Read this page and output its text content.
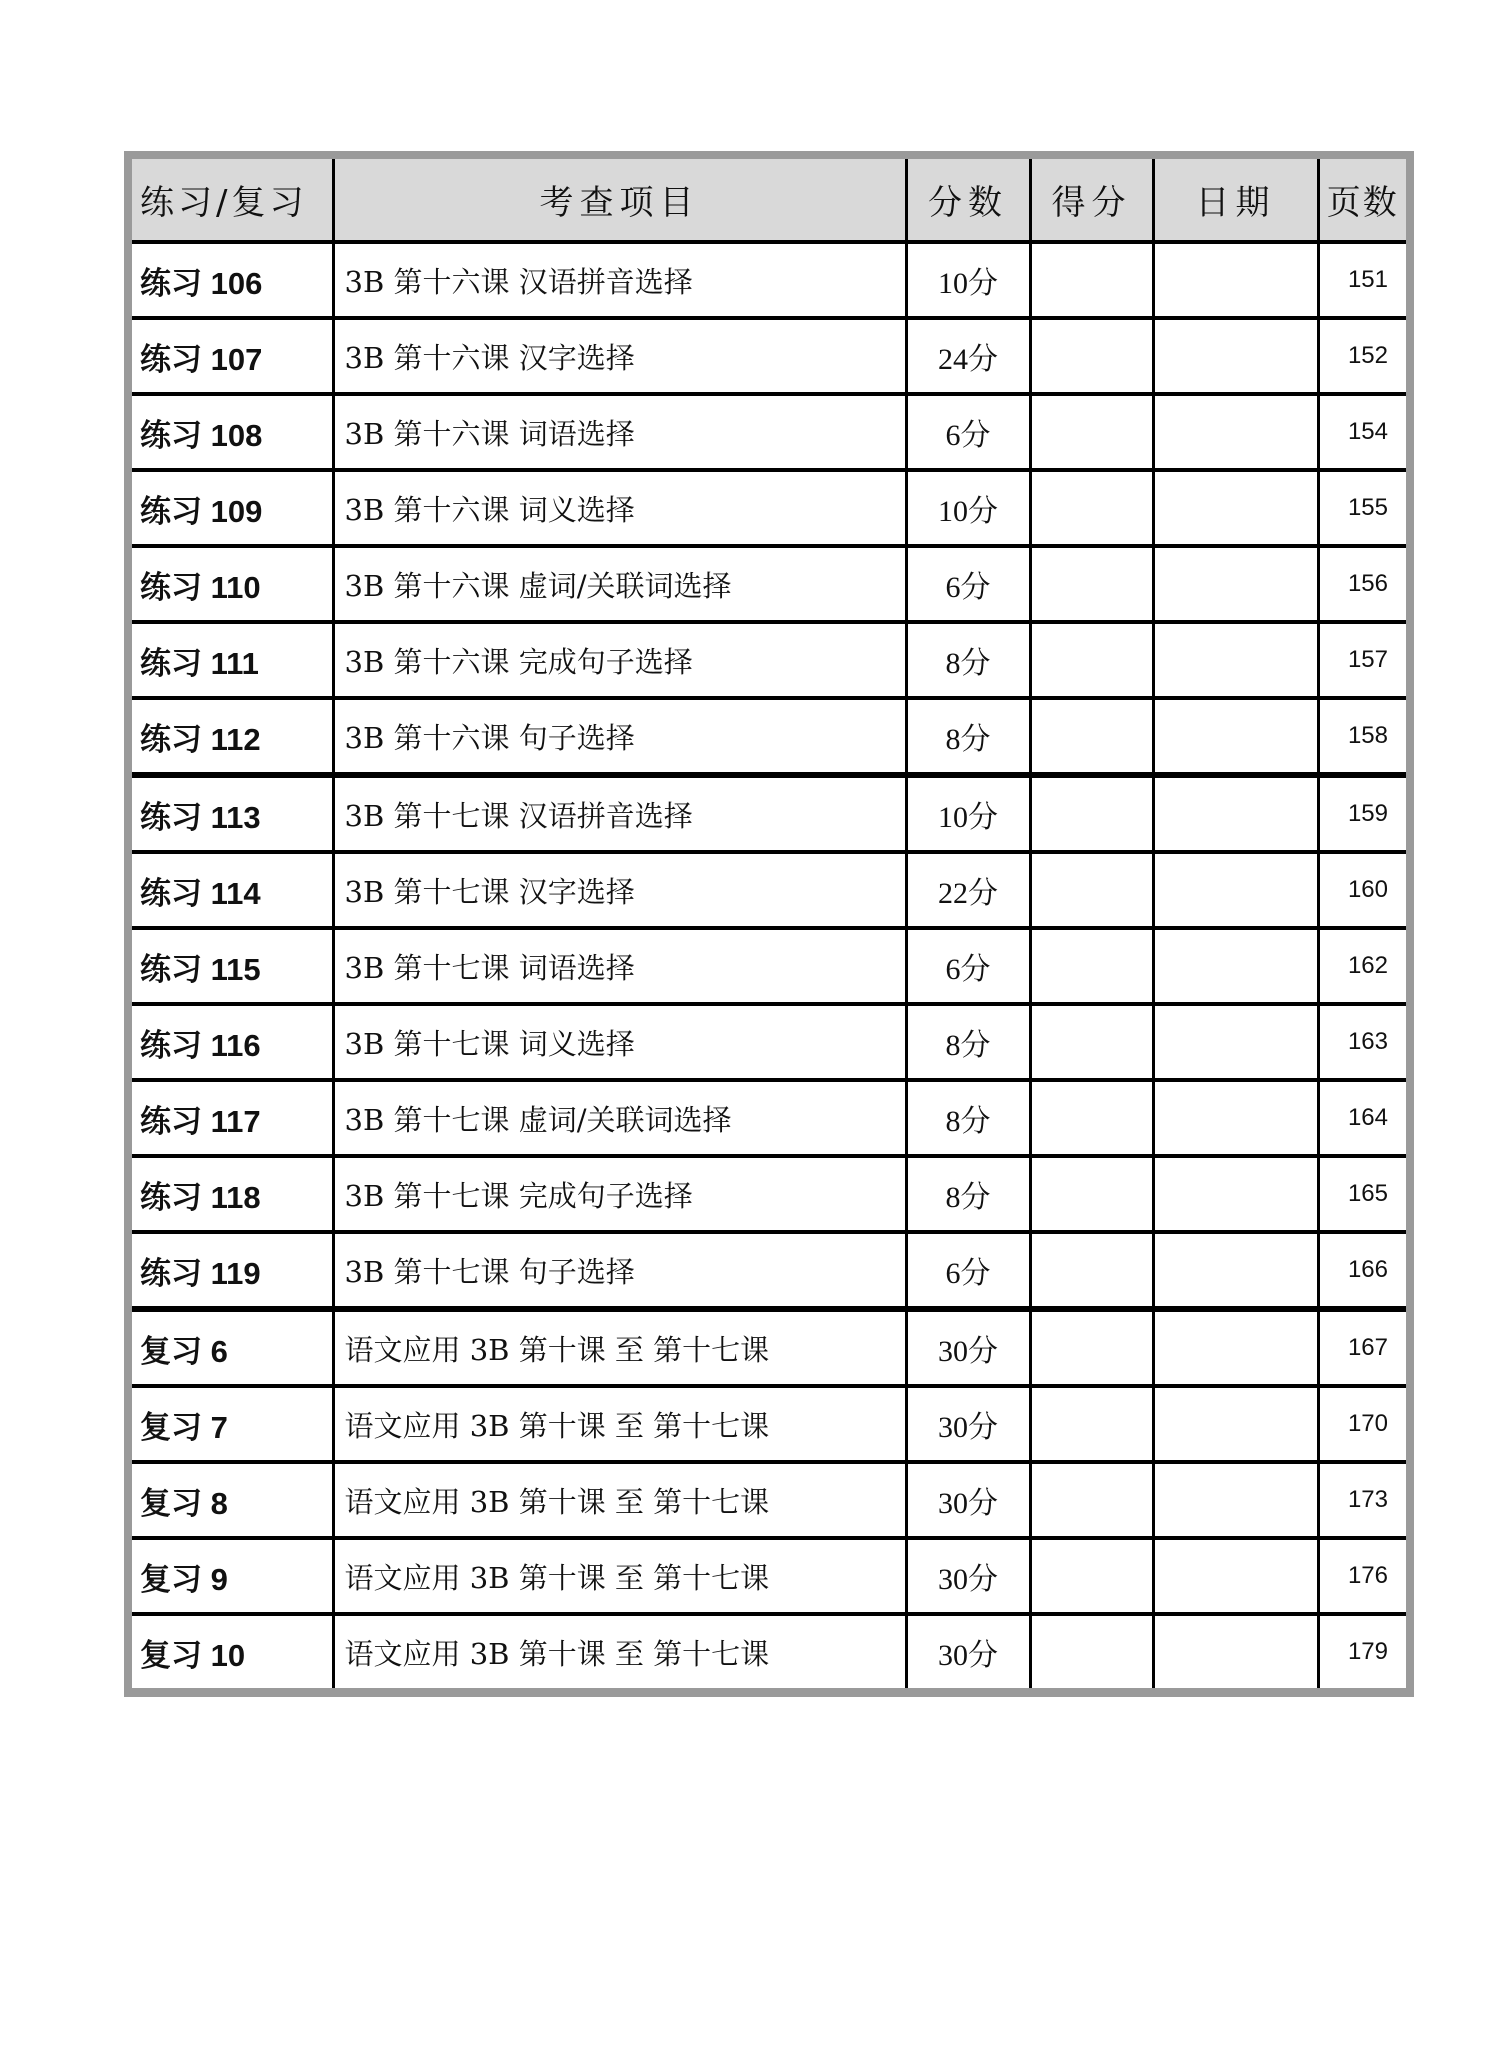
练习/复习	考查项目	分数	得分	日期	页数
练习 106	3B 第十六课 汉语拼音选择	10分			151
练习 107	3B 第十六课 汉字选择	24分			152
练习 108	3B 第十六课 词语选择	6分			154
练习 109	3B 第十六课 词义选择	10分			155
练习 110	3B 第十六课 虚词/关联词选择	6分			156
练习 111	3B 第十六课 完成句子选择	8分			157
练习 112	3B 第十六课 句子选择	8分			158
练习 113	3B 第十七课 汉语拼音选择	10分			159
练习 114	3B 第十七课 汉字选择	22分			160
练习 115	3B 第十七课 词语选择	6分			162
练习 116	3B 第十七课 词义选择	8分			163
练习 117	3B 第十七课 虚词/关联词选择	8分			164
练习 118	3B 第十七课 完成句子选择	8分			165
练习 119	3B 第十七课 句子选择	6分			166
复习 6	语文应用 3B 第十课 至 第十七课	30分			167
复习 7	语文应用 3B 第十课 至 第十七课	30分			170
复习 8	语文应用 3B 第十课 至 第十七课	30分			173
复习 9	语文应用 3B 第十课 至 第十七课	30分			176
复习 10	语文应用 3B 第十课 至 第十七课	30分			179
